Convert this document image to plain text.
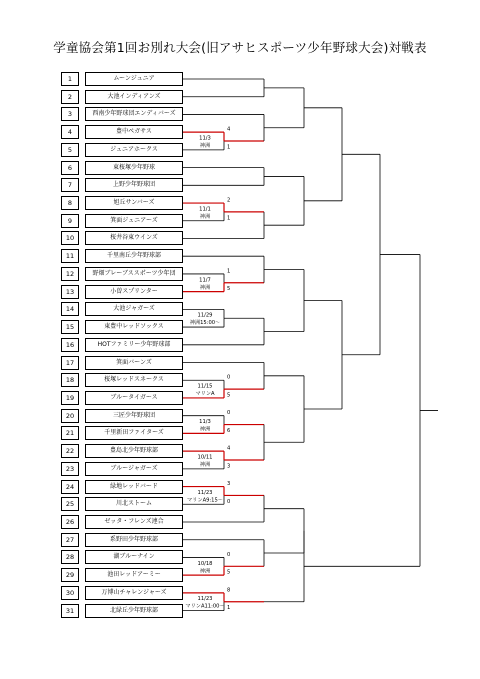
学童協会第1回お別れ大会(旧アサヒスポーツ少年野球大会)対戦表
1	ムーンジュニア
2	大池インディアンズ
3	西南少年野球団エンディバーズ
4	豊中ペガサス
5	ジュニアホークス
6	東桜塚少年野球
7	上野少年野球団
8	旭丘サンバーズ
9	箕面ジュニアーズ
10	桜井谷東ウインズ
11	千里南丘少年野球部
12	野畑ブレーブススポーツ少年団
13	小曽スプリンター
14	大池ジャガーズ
15	東豊中レッドソックス
16	HOTファミリー少年野球部
17	箕面バーンズ
18	桜塚レッドスネークス
19	ブルータイガース
20	三匠少年野球団
21	千里新田ファイターズ
22	豊島北少年野球部
23	ブルージャガーズ
24	緑地レッドバード
25	川北ストーム
26	ゼッタ・フレンズ連合
27	系野田少年野球部
28	湖ブルーナイン
29	池田レッドアーミー
30	万博山チャレンジャーズ
31	北緑丘少年野球部
4
11/3
神洲	1
2
11/1
神洲	1
1
11/7
神洲	5
11/29
神洲15:00～
0
11/15
マリンA 5
0
11/3
神洲	6
4
10/11
神洲	3
3
11/23
マリンA9:15～ 0
0
10/18
神洲	5
8
11/23
マリンA11:00～ 1
